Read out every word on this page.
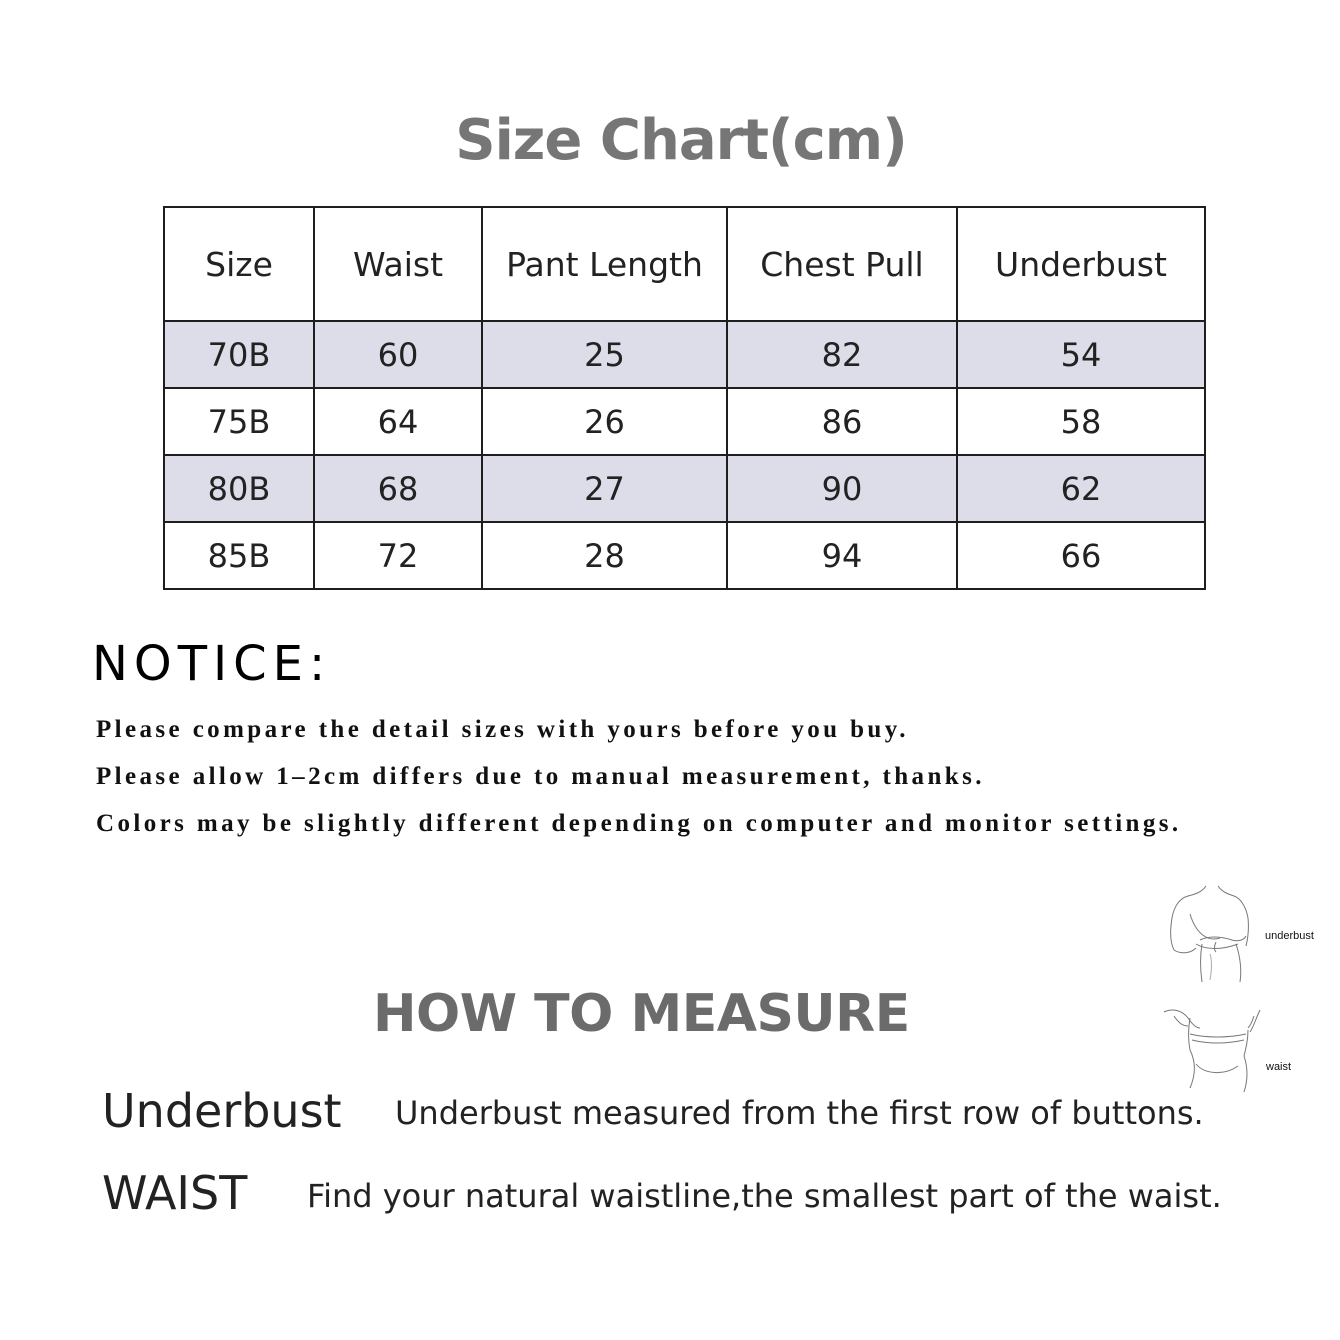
Size Chart(cm)
Size	Waist	Pant Length	Chest Pull	Underbust
70B	60	25	82	54
75B	64	26	86	58
80B	68	27	90	62
85B	72	28	94	66
NOTICE:
Please compare the detail sizes with yours before you buy.
Please allow 1–2cm differs due to manual measurement, thanks.
Colors may be slightly different depending on computer and monitor settings.
underbust
waist
HOW TO MEASURE
Underbust Underbust measured from the first row of buttons.
WAIST Find your natural waistline,the smallest part of the waist.
